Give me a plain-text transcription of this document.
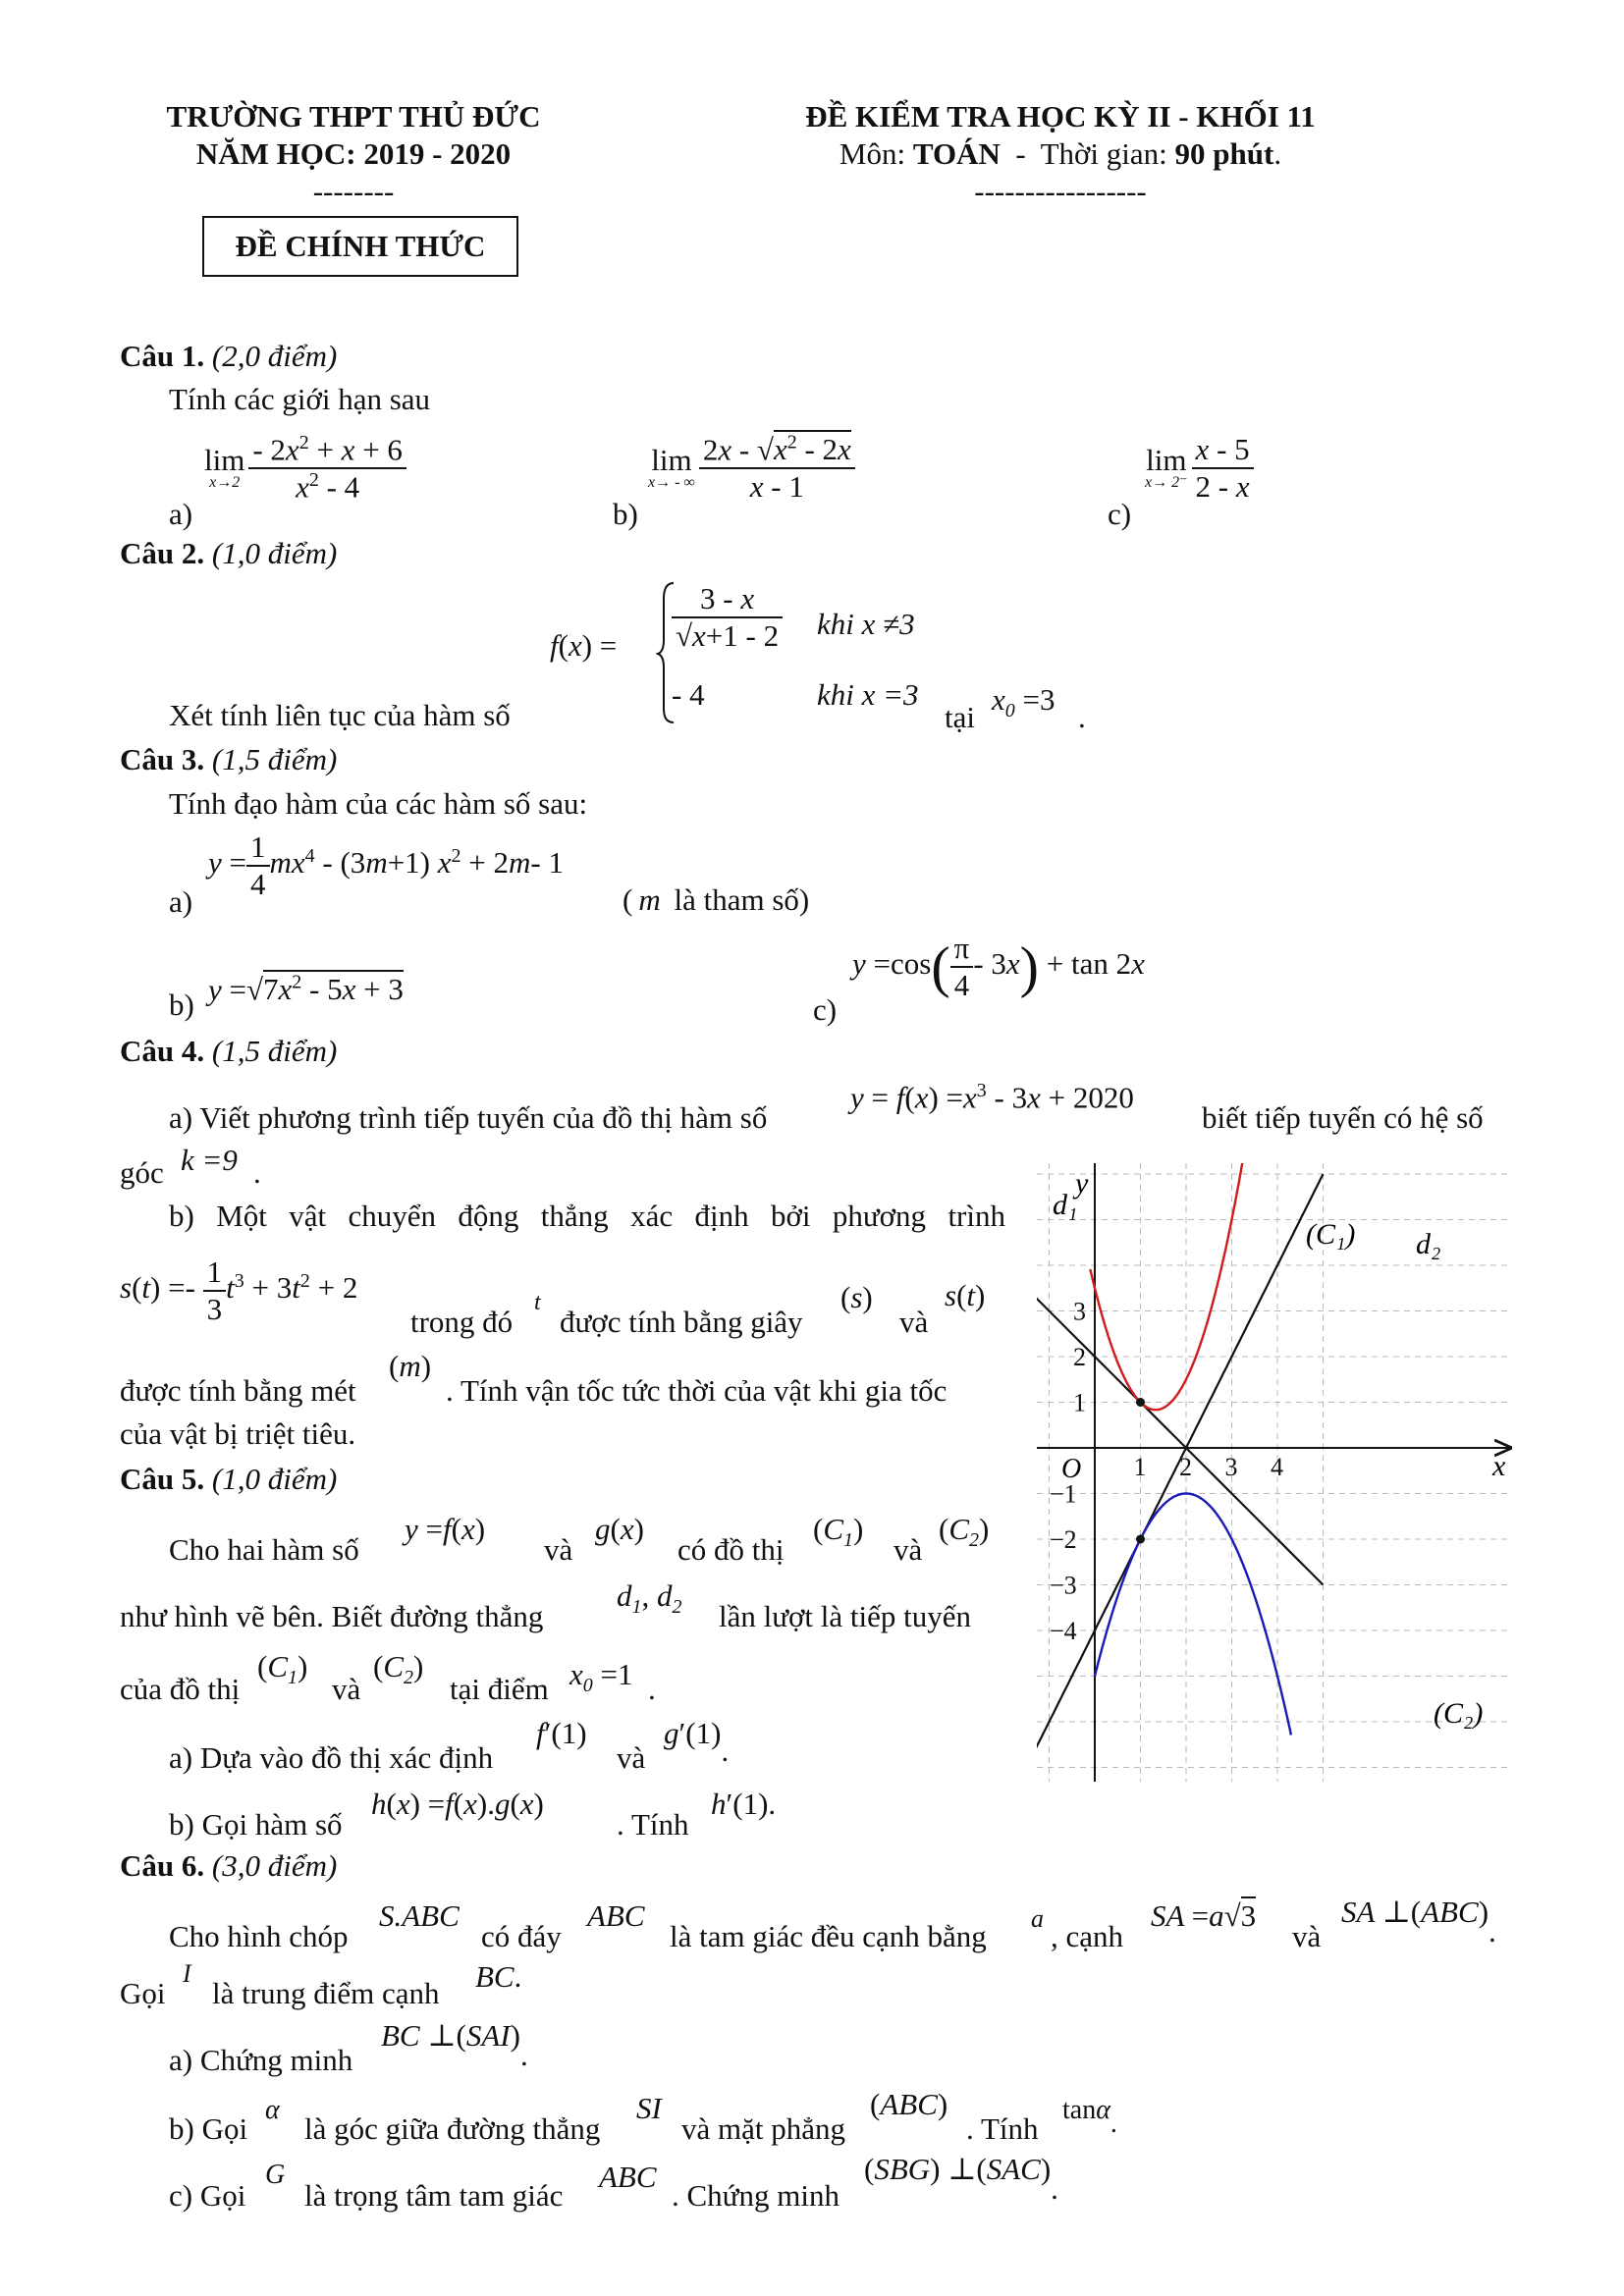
TRƯỜNG THPT THỦ ĐỨC
NĂM HỌC: 2019 - 2020
--------
ĐỀ CHÍNH THỨC
ĐỀ KIỂM TRA HỌC KỲ II - KHỐI 11
Môn: TOÁN  -  Thời gian: 90 phút.
-----------------
Câu 1. (2,0 điểm)
Tính các giới hạn sau
a)
lim
x→2
$\frac{- 2x^2 + x + 6}{x^2 - 4}$
b)
lim
x→ - ∞
$\frac{2x - √x^2 - 2x}{x - 1}$
c)
lim
x→ 2⁻
$\frac{x - 5}{2 - x}$
Câu 2. (1,0 điểm)
$f(x) = \frac{3 - x}{√x+1 - 2}$ khi x ≠3
- 4	khi x =3
Xét tính liên tục của hàm số	tại
$x_0 =3$
.
Câu 3. (1,5 điểm)
Tính đạo hàm của các hàm số sau:
a)
$y = \frac{1}{4} mx^4 - (3m+1) x^2 + 2m-$ 1
( m là tham số)
b) $y =√7x^2 - 5x + 3$
c)
$y =\cos( \frac{\pi}{4} - 3x) + \tan 2x$
Câu 4. (1,5 điểm)
a) Viết phương trình tiếp tuyến của đồ thị hàm số
$y = f(x) =x^3 - 3x + 2020$
biết tiếp tuyến có hệ số
góc k =9 .
b) Một vật chuyển động thẳng xác định bởi phương trình
$s(t) =- \frac{1}{3} t^3 + 3t^2 + 2$
trong đó
t
được tính bằng giây
(s)
và
s(t)
được tính bằng mét
(m)
. Tính vận tốc tức thời của vật khi gia tốc
của vật bị triệt tiêu.
Câu 5. (1,0 điểm)
Cho hai hàm số
y =f(x)
và
g(x)
có đồ thị
$(C_1)$
và
$(C_2)$
như hình vẽ bên. Biết đường thẳng
$d_1$, $d_2$ lần lượt là tiếp tuyến
của đồ thị
$(C_1)$
và
$(C_2)$
tại điểm $x_0 =1$ .
a) Dựa vào đồ thị xác định
f′(1)
và
g′(1).
b) Gọi hàm số
h(x) =f(x).g(x)
. Tính
h′(1).
1 2 3 4
1
2
3
−1
−2
−3
−4
x
y
O
d₁
d₂
(C₁)
(C₂)
Câu 6. (3,0 điểm)
Cho hình chóp
S.ABC
có đáy
ABC
là tam giác đều cạnh bằng
a
, cạnh
SA =a√3
và
SA ⊥(ABC).
Gọi
I
là trung điểm cạnh BC.
a) Chứng minh
BC ⊥(SAI).
b) Gọi
α
là góc giữa đường thẳng
SI
và mặt phẳng
(ABC)
. Tính
tanα.
c) Gọi
G
là trọng tâm tam giác
ABC
. Chứng minh
(SBG) ⊥(SAC).
